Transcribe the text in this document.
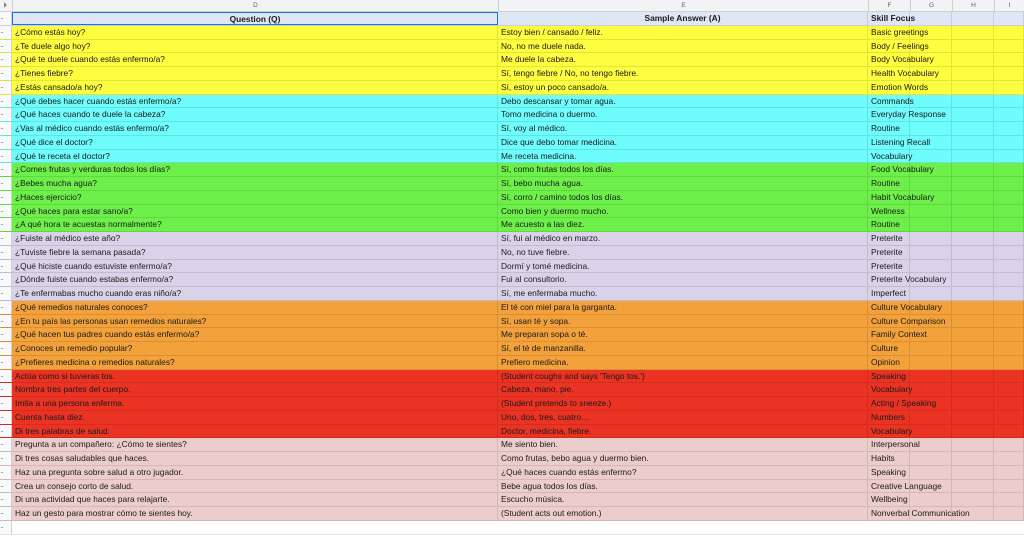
D	E	F	G	H	I
Question (Q)	Sample Answer (A)	Skill Focus
¿Cómo estás hoy?	Estoy bien / cansado / feliz.	Basic greetings
¿Te duele algo hoy?	No, no me duele nada.	Body / Feelings
¿Qué te duele cuando estás enfermo/a?	Me duele la cabeza.	Body Vocabulary
¿Tienes fiebre?	Sí, tengo fiebre / No, no tengo fiebre.	Health Vocabulary
¿Estás cansado/a hoy?	Sí, estoy un poco cansado/a.	Emotion Words
¿Qué debes hacer cuando estás enfermo/a?	Debo descansar y tomar agua.	Commands
¿Qué haces cuando te duele la cabeza?	Tomo medicina o duermo.	Everyday Response
¿Vas al médico cuando estás enfermo/a?	Sí, voy al médico.	Routine
¿Qué dice el doctor?	Dice que debo tomar medicina.	Listening Recall
¿Qué te receta el doctor?	Me receta medicina.	Vocabulary
¿Comes frutas y verduras todos los días?	Sí, como frutas todos los días.	Food Vocabulary
¿Bebes mucha agua?	Sí, bebo mucha agua.	Routine
¿Haces ejercicio?	Sí, corro / camino todos los días.	Habit Vocabulary
¿Qué haces para estar sano/a?	Como bien y duermo mucho.	Wellness
¿A qué hora te acuestas normalmente?	Me acuesto a las diez.	Routine
¿Fuiste al médico este año?	Sí, fui al médico en marzo.	Preterite
¿Tuviste fiebre la semana pasada?	No, no tuve fiebre.	Preterite
¿Qué hiciste cuando estuviste enfermo/a?	Dormí y tomé medicina.	Preterite
¿Dónde fuiste cuando estabas enfermo/a?	Fui al consultorio.	Preterite Vocabulary
¿Te enfermabas mucho cuando eras niño/a?	Sí, me enfermaba mucho.	Imperfect
¿Qué remedios naturales conoces?	El té con miel para la garganta.	Culture Vocabulary
¿En tu país las personas usan remedios naturales?	Sí, usan té y sopa.	Culture Comparison
¿Qué hacen tus padres cuando estás enfermo/a?	Me preparan sopa o té.	Family Context
¿Conoces un remedio popular?	Sí, el té de manzanilla.	Culture
¿Prefieres medicina o remedios naturales?	Prefiero medicina.	Opinion
Actúa como si tuvieras tos.	(Student coughs and says 'Tengo tos.')	Speaking
Nombra tres partes del cuerpo.	Cabeza, mano, pie.	Vocabulary
Imita a una persona enferma.	(Student pretends to sneeze.)	Acting / Speaking
Cuenta hasta diez.	Uno, dos, tres, cuatro…	Numbers
Di tres palabras de salud.	Doctor, medicina, fiebre.	Vocabulary
Pregunta a un compañero: ¿Cómo te sientes?	Me siento bien.	Interpersonal
Di tres cosas saludables que haces.	Como frutas, bebo agua y duermo bien.	Habits
Haz una pregunta sobre salud a otro jugador.	¿Qué haces cuando estás enfermo?	Speaking
Crea un consejo corto de salud.	Bebe agua todos los días.	Creative Language
Di una actividad que haces para relajarte.	Escucho música.	Wellbeing
Haz un gesto para mostrar cómo te sientes hoy.	(Student acts out emotion.)	Nonverbal Communication
